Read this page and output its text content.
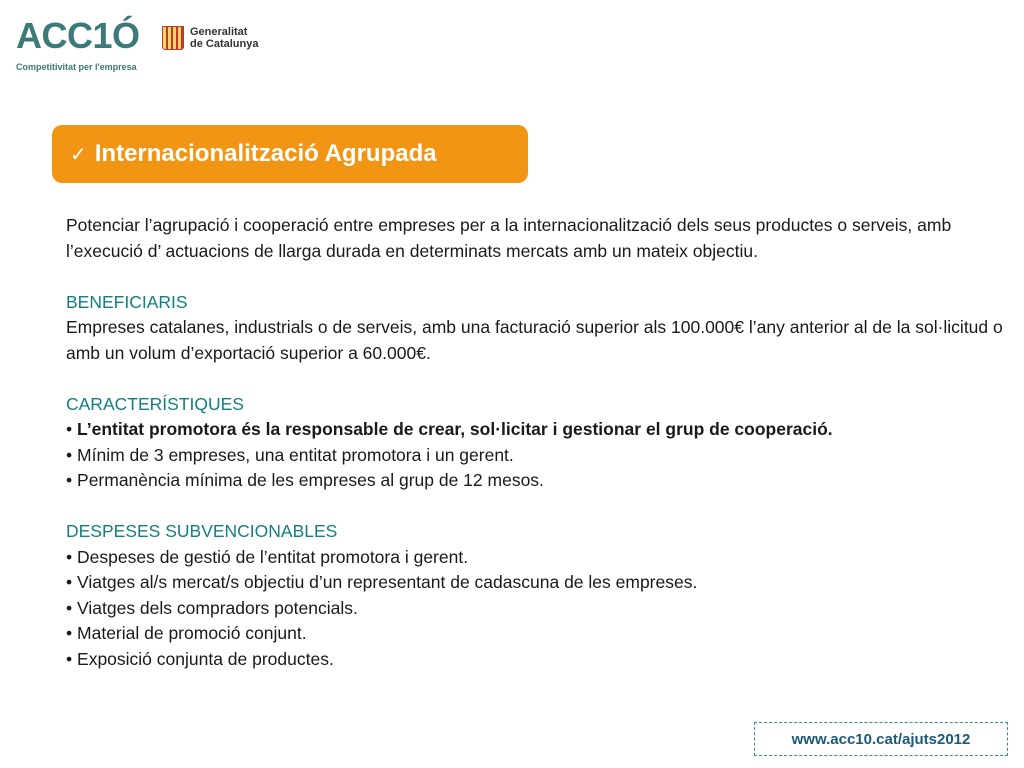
ACC1Ó
Competitivitat per l'empresa
Generalitat
de Catalunya
✓ Internacionalització Agrupada

Potenciar l’agrupació i cooperació entre empreses per a la internacionalització dels seus productes o serveis, amb l’execució d’ actuacions de llarga durada en determinats mercats amb un mateix objectiu.

BENEFICIARIS

Empreses catalanes, industrials o de serveis, amb una facturació superior als 100.000€ l’any anterior al de la sol·licitud o amb un volum d’exportació superior a 60.000€.

CARACTERÍSTIQUES

• L’entitat promotora és la responsable de crear, sol·licitar i gestionar el grup de cooperació.

• Mínim de 3 empreses, una entitat promotora i un gerent.

• Permanència mínima de les empreses al grup de 12 mesos.

DESPESES SUBVENCIONABLES

• Despeses de gestió de l’entitat promotora i gerent.

• Viatges al/s mercat/s objectiu d’un representant de cadascuna de les empreses.

• Viatges dels compradors potencials.

• Material de promoció conjunt.

• Exposició conjunta de productes.

www.acc10.cat/ajuts2012
